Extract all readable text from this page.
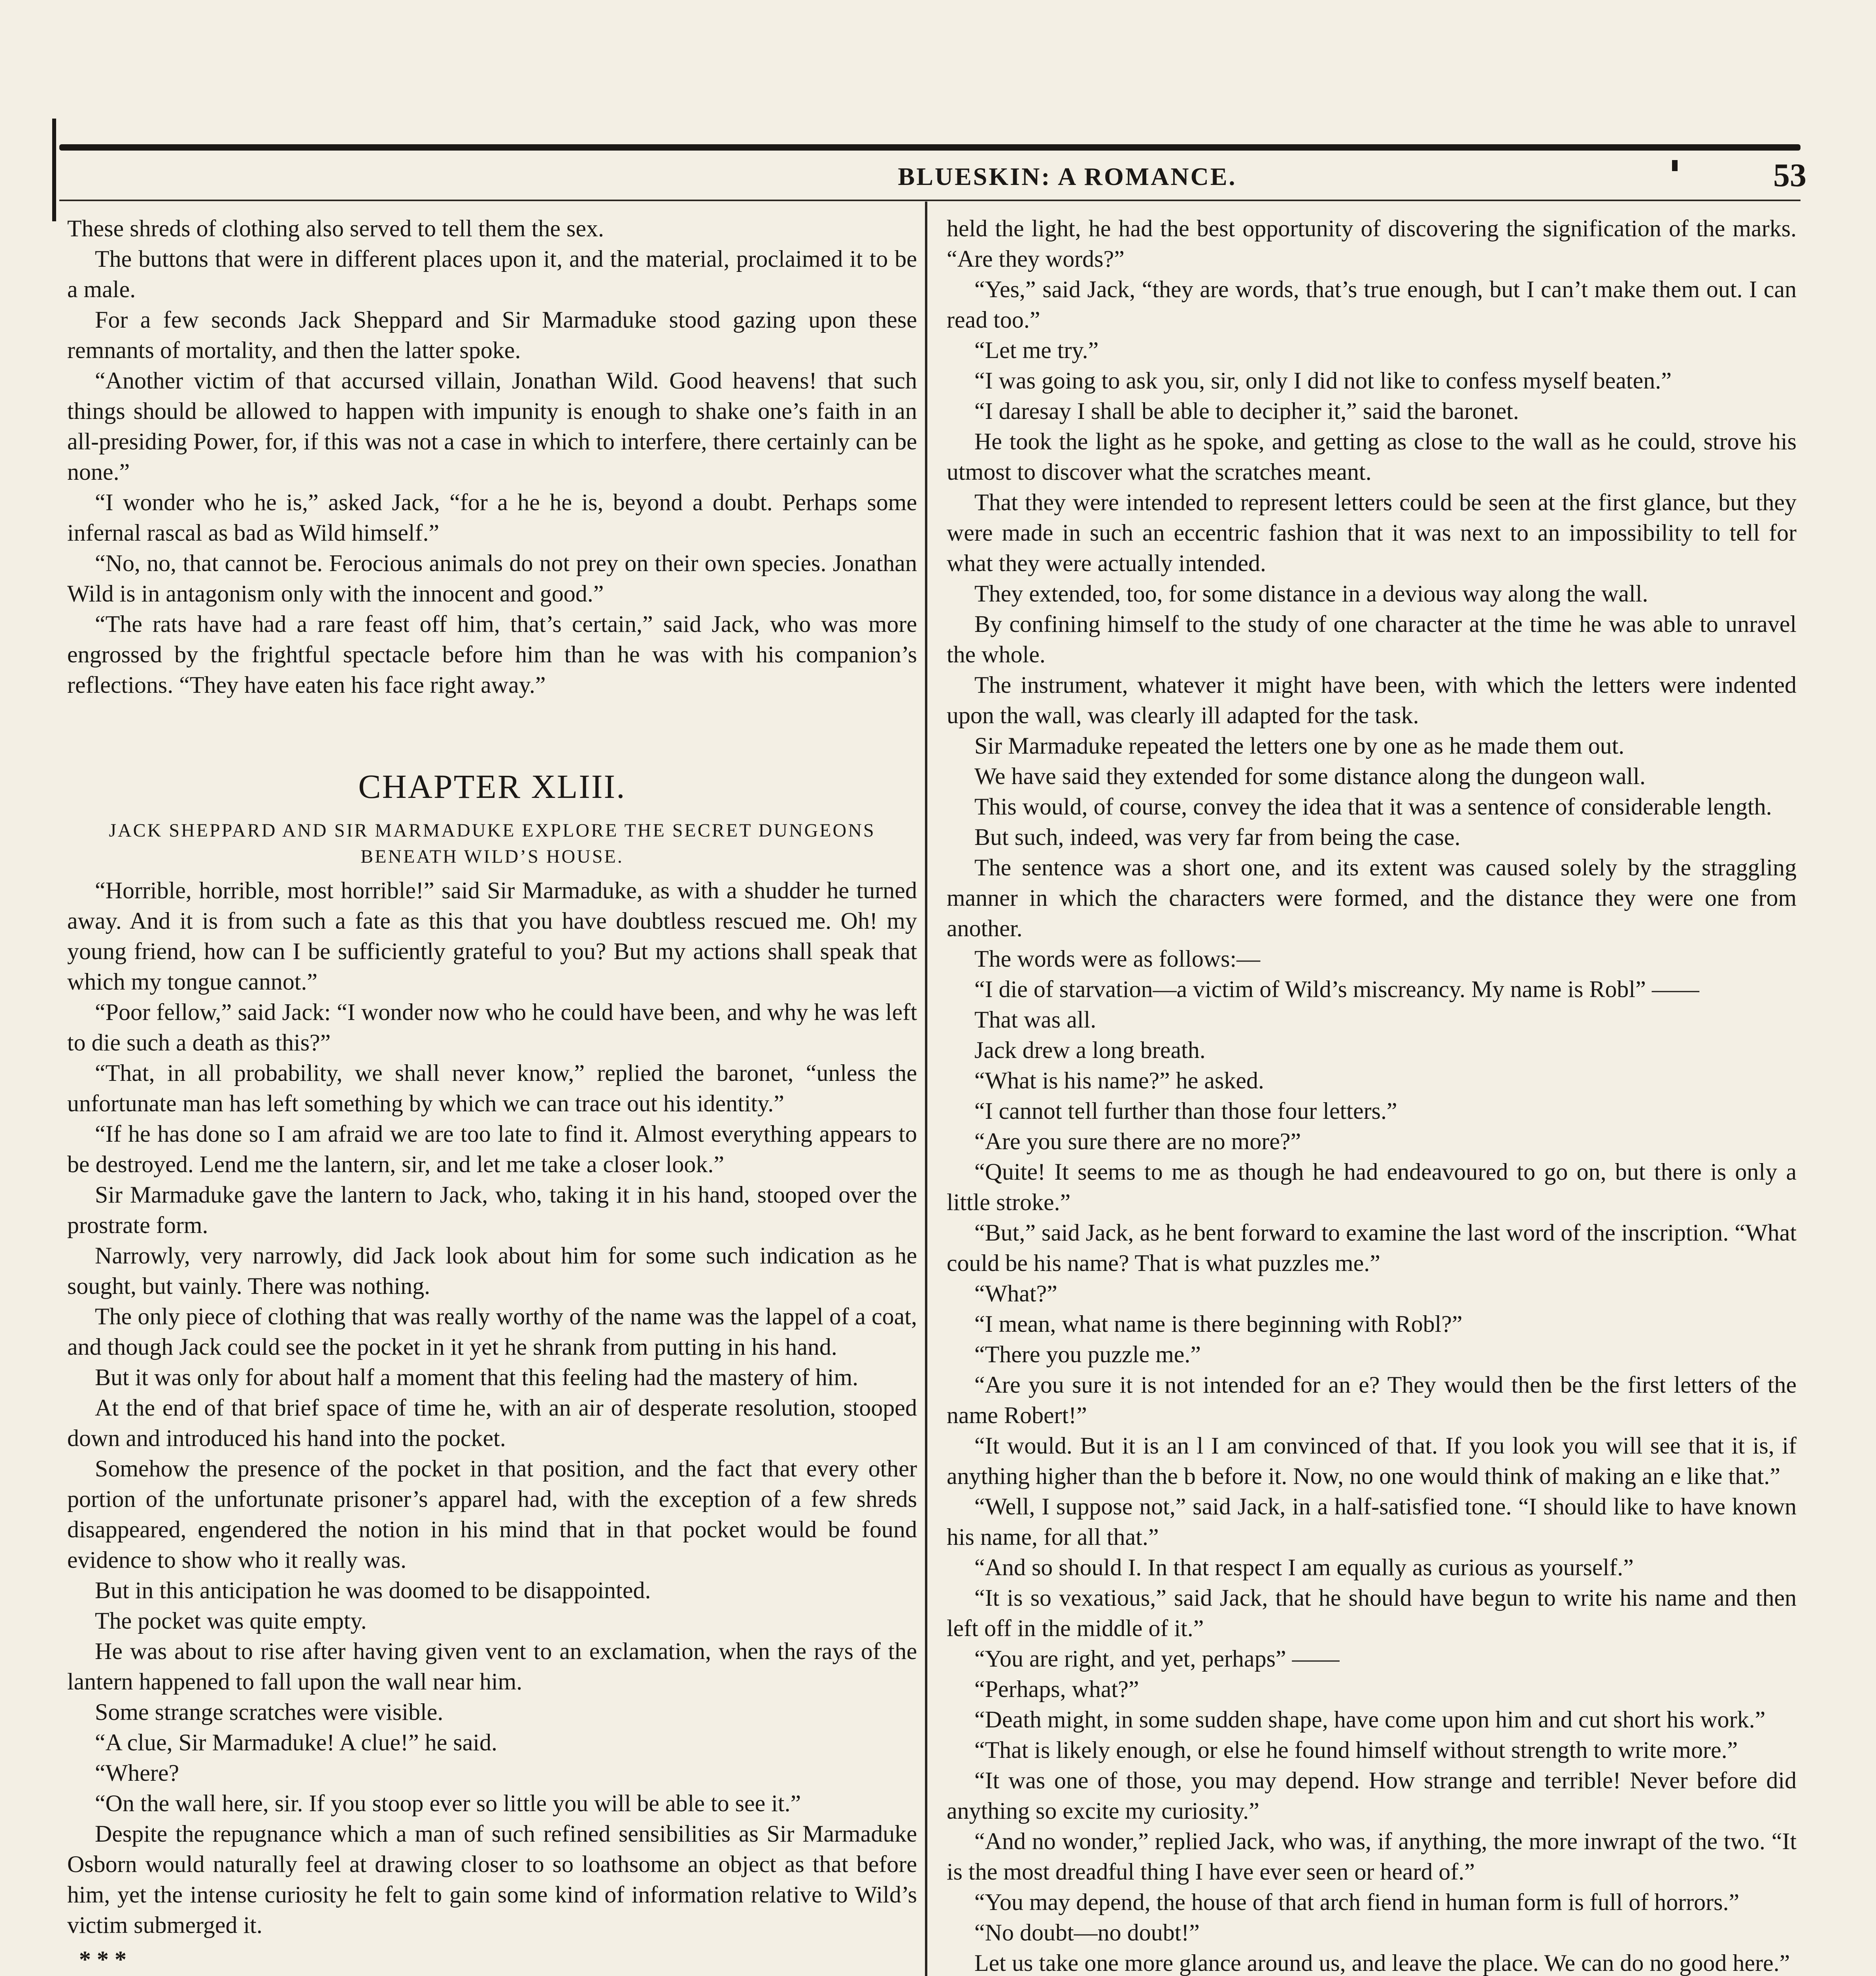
BLUESKIN: A ROMANCE.	53

These shreds of clothing also served to tell them the sex.

The buttons that were in different places upon it, and the material, proclaimed it to be a male.

For a few seconds Jack Sheppard and Sir Marmaduke stood gazing upon these remnants of mortality, and then the latter spoke.

“Another victim of that accursed villain, Jonathan Wild. Good heavens! that such things should be allowed to happen with impunity is enough to shake one’s faith in an all-presiding Power, for, if this was not a case in which to interfere, there certainly can be none.”

“I wonder who he is,” asked Jack, “for a he he is, beyond a doubt. Perhaps some infernal rascal as bad as Wild himself.”

“No, no, that cannot be. Ferocious animals do not prey on their own species. Jonathan Wild is in antagonism only with the innocent and good.”

“The rats have had a rare feast off him, that’s certain,” said Jack, who was more engrossed by the frightful spectacle before him than he was with his companion’s reflections. “They have eaten his face right away.”

CHAPTER XLIII.
JACK SHEPPARD AND SIR MARMADUKE EXPLORE THE SECRET DUNGEONS BENEATH WILD’S HOUSE.

“Horrible, horrible, most horrible!” said Sir Marmaduke, as with a shudder he turned away. And it is from such a fate as this that you have doubtless rescued me. Oh! my young friend, how can I be sufficiently grateful to you? But my actions shall speak that which my tongue cannot.”

“Poor fellow,” said Jack: “I wonder now who he could have been, and why he was left to die such a death as this?”

“That, in all probability, we shall never know,” replied the baronet, “unless the unfortunate man has left something by which we can trace out his identity.”

“If he has done so I am afraid we are too late to find it. Almost everything appears to be destroyed. Lend me the lantern, sir, and let me take a closer look.”

Sir Marmaduke gave the lantern to Jack, who, taking it in his hand, stooped over the prostrate form.

Narrowly, very narrowly, did Jack look about him for some such indication as he sought, but vainly. There was nothing.

The only piece of clothing that was really worthy of the name was the lappel of a coat, and though Jack could see the pocket in it yet he shrank from putting in his hand.

But it was only for about half a moment that this feeling had the mastery of him.

At the end of that brief space of time he, with an air of desperate resolution, stooped down and introduced his hand into the pocket.

Somehow the presence of the pocket in that position, and the fact that every other portion of the unfortunate prisoner’s apparel had, with the exception of a few shreds disappeared, engendered the notion in his mind that in that pocket would be found evidence to show who it really was.

But in this anticipation he was doomed to be disappointed.

The pocket was quite empty.

He was about to rise after having given vent to an exclamation, when the rays of the lantern happened to fall upon the wall near him.

Some strange scratches were visible.

“A clue, Sir Marmaduke! A clue!” he said.

“Where?

“On the wall here, sir. If you stoop ever so little you will be able to see it.”

Despite the repugnance which a man of such refined sensibilities as Sir Marmaduke Osborn would naturally feel at drawing closer to so loathsome an object as that before him, yet the intense curiosity he felt to gain some kind of information relative to Wild’s victim submerged it.

* * *

held the light, he had the best opportunity of discovering the signification of the marks. “Are they words?”

“Yes,” said Jack, “they are words, that’s true enough, but I can’t make them out. I can read too.”

“Let me try.”

“I was going to ask you, sir, only I did not like to confess myself beaten.”

“I daresay I shall be able to decipher it,” said the baronet.

He took the light as he spoke, and getting as close to the wall as he could, strove his utmost to discover what the scratches meant.

That they were intended to represent letters could be seen at the first glance, but they were made in such an eccentric fashion that it was next to an impossibility to tell for what they were actually intended.

They extended, too, for some distance in a devious way along the wall.

By confining himself to the study of one character at the time he was able to unravel the whole.

The instrument, whatever it might have been, with which the letters were indented upon the wall, was clearly ill adapted for the task.

Sir Marmaduke repeated the letters one by one as he made them out.

We have said they extended for some distance along the dungeon wall.

This would, of course, convey the idea that it was a sentence of considerable length.

But such, indeed, was very far from being the case.

The sentence was a short one, and its extent was caused solely by the straggling manner in which the characters were formed, and the distance they were one from another.

The words were as follows:—

“I die of starvation—a victim of Wild’s miscreancy. My name is Robl” ——

That was all.

Jack drew a long breath.

“What is his name?” he asked.

“I cannot tell further than those four letters.”

“Are you sure there are no more?”

“Quite! It seems to me as though he had endeavoured to go on, but there is only a little stroke.”

“But,” said Jack, as he bent forward to examine the last word of the inscription. “What could be his name? That is what puzzles me.”

“What?”

“I mean, what name is there beginning with Robl?”

“There you puzzle me.”

“Are you sure it is not intended for an e? They would then be the first letters of the name Robert!”

“It would. But it is an l I am convinced of that. If you look you will see that it is, if anything higher than the b before it. Now, no one would think of making an e like that.”

“Well, I suppose not,” said Jack, in a half-satisfied tone. “I should like to have known his name, for all that.”

“And so should I. In that respect I am equally as curious as yourself.”

“It is so vexatious,” said Jack, that he should have begun to write his name and then left off in the middle of it.”

“You are right, and yet, perhaps” ——

“Perhaps, what?”

“Death might, in some sudden shape, have come upon him and cut short his work.”

“That is likely enough, or else he found himself without strength to write more.”

“It was one of those, you may depend. How strange and terrible! Never before did anything so excite my curiosity.”

“And no wonder,” replied Jack, who was, if anything, the more inwrapt of the two. “It is the most dreadful thing I have ever seen or heard of.”

“You may depend, the house of that arch fiend in human form is full of horrors.”

“No doubt—no doubt!”

Let us take one more glance around us, and leave the place. We can do no good here.”
